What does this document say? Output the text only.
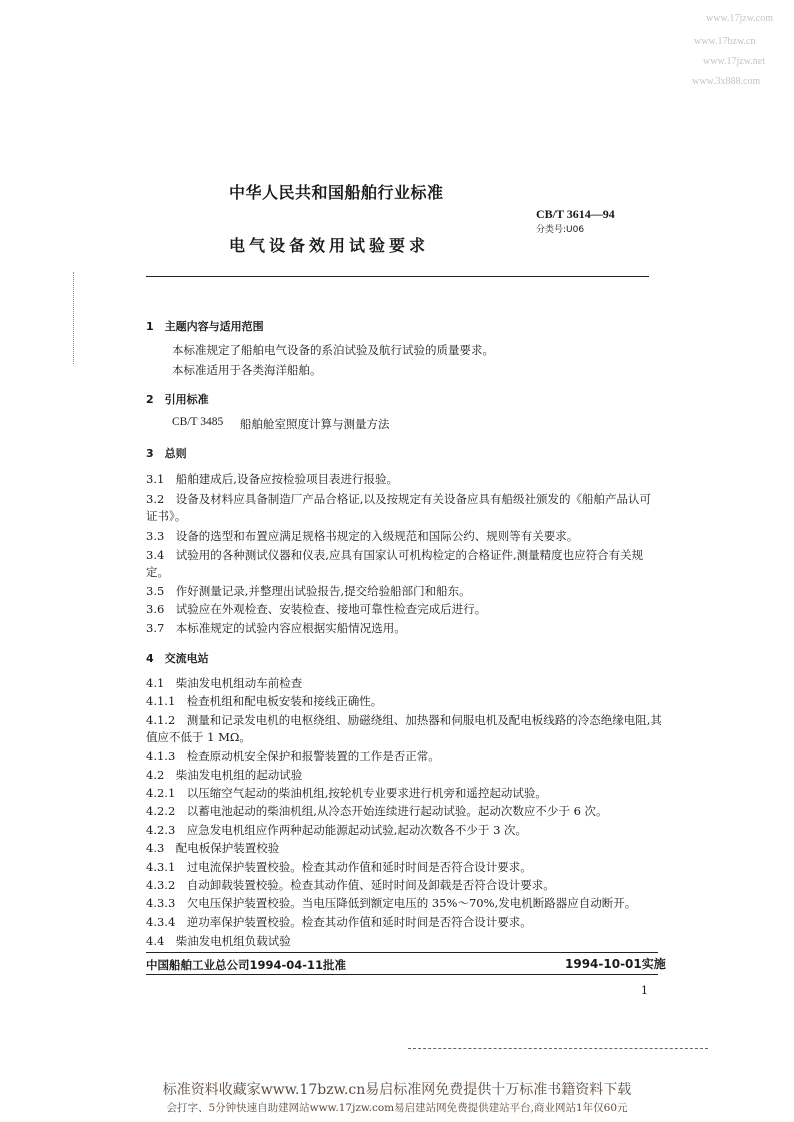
www.17jzw.com
www.17bzw.cn
www.17jzw.net
www.3x888.com
中华人民共和国船舶行业标准
CB/T 3614—94
分类号:U06
电气设备效用试验要求
1　主题内容与适用范围
本标准规定了船舶电气设备的系泊试验及航行试验的质量要求。
本标准适用于各类海洋船舶。
2　引用标准
CB/T 3485 船舶舱室照度计算与测量方法
3　总则
3.1　船舶建成后,设备应按检验项目表进行报验。
3.2　设备及材料应具备制造厂产品合格证,以及按规定有关设备应具有船级社颁发的《船舶产品认可
证书》。
3.3　设备的选型和布置应满足规格书规定的入级规范和国际公约、规则等有关要求。
3.4　试验用的各种测试仪器和仪表,应具有国家认可机构检定的合格证件,测量精度也应符合有关规
定。
3.5　作好测量记录,并整理出试验报告,提交给验船部门和船东。
3.6　试验应在外观检查、安装检查、接地可靠性检查完成后进行。
3.7　本标准规定的试验内容应根据实船情况选用。
4　交流电站
4.1　柴油发电机组动车前检查
4.1.1　检查机组和配电板安装和接线正确性。
4.1.2　测量和记录发电机的电枢绕组、励磁绕组、加热器和伺服电机及配电板线路的冷态绝缘电阻,其
值应不低于 1 MΩ。
4.1.3　检查原动机安全保护和报警装置的工作是否正常。
4.2　柴油发电机组的起动试验
4.2.1　以压缩空气起动的柴油机组,按轮机专业要求进行机旁和遥控起动试验。
4.2.2　以蓄电池起动的柴油机组,从冷态开始连续进行起动试验。起动次数应不少于 6 次。
4.2.3　应急发电机组应作两种起动能源起动试验,起动次数各不少于 3 次。
4.3　配电板保护装置校验
4.3.1　过电流保护装置校验。检查其动作值和延时时间是否符合设计要求。
4.3.2　自动卸载装置校验。检查其动作值、延时时间及卸载是否符合设计要求。
4.3.3　欠电压保护装置校验。当电压降低到额定电压的 35%～70%,发电机断路器应自动断开。
4.3.4　逆功率保护装置校验。检查其动作值和延时时间是否符合设计要求。
4.4　柴油发电机组负载试验
中国船舶工业总公司1994-04-11批准	1994-10-01实施
1
标准资料收藏家www.17bzw.cn易启标准网免费提供十万标准书籍资料下载
会打字、5分钟快速自助建网站www.17jzw.com易启建站网免费提供建站平台,商业网站1年仅60元
